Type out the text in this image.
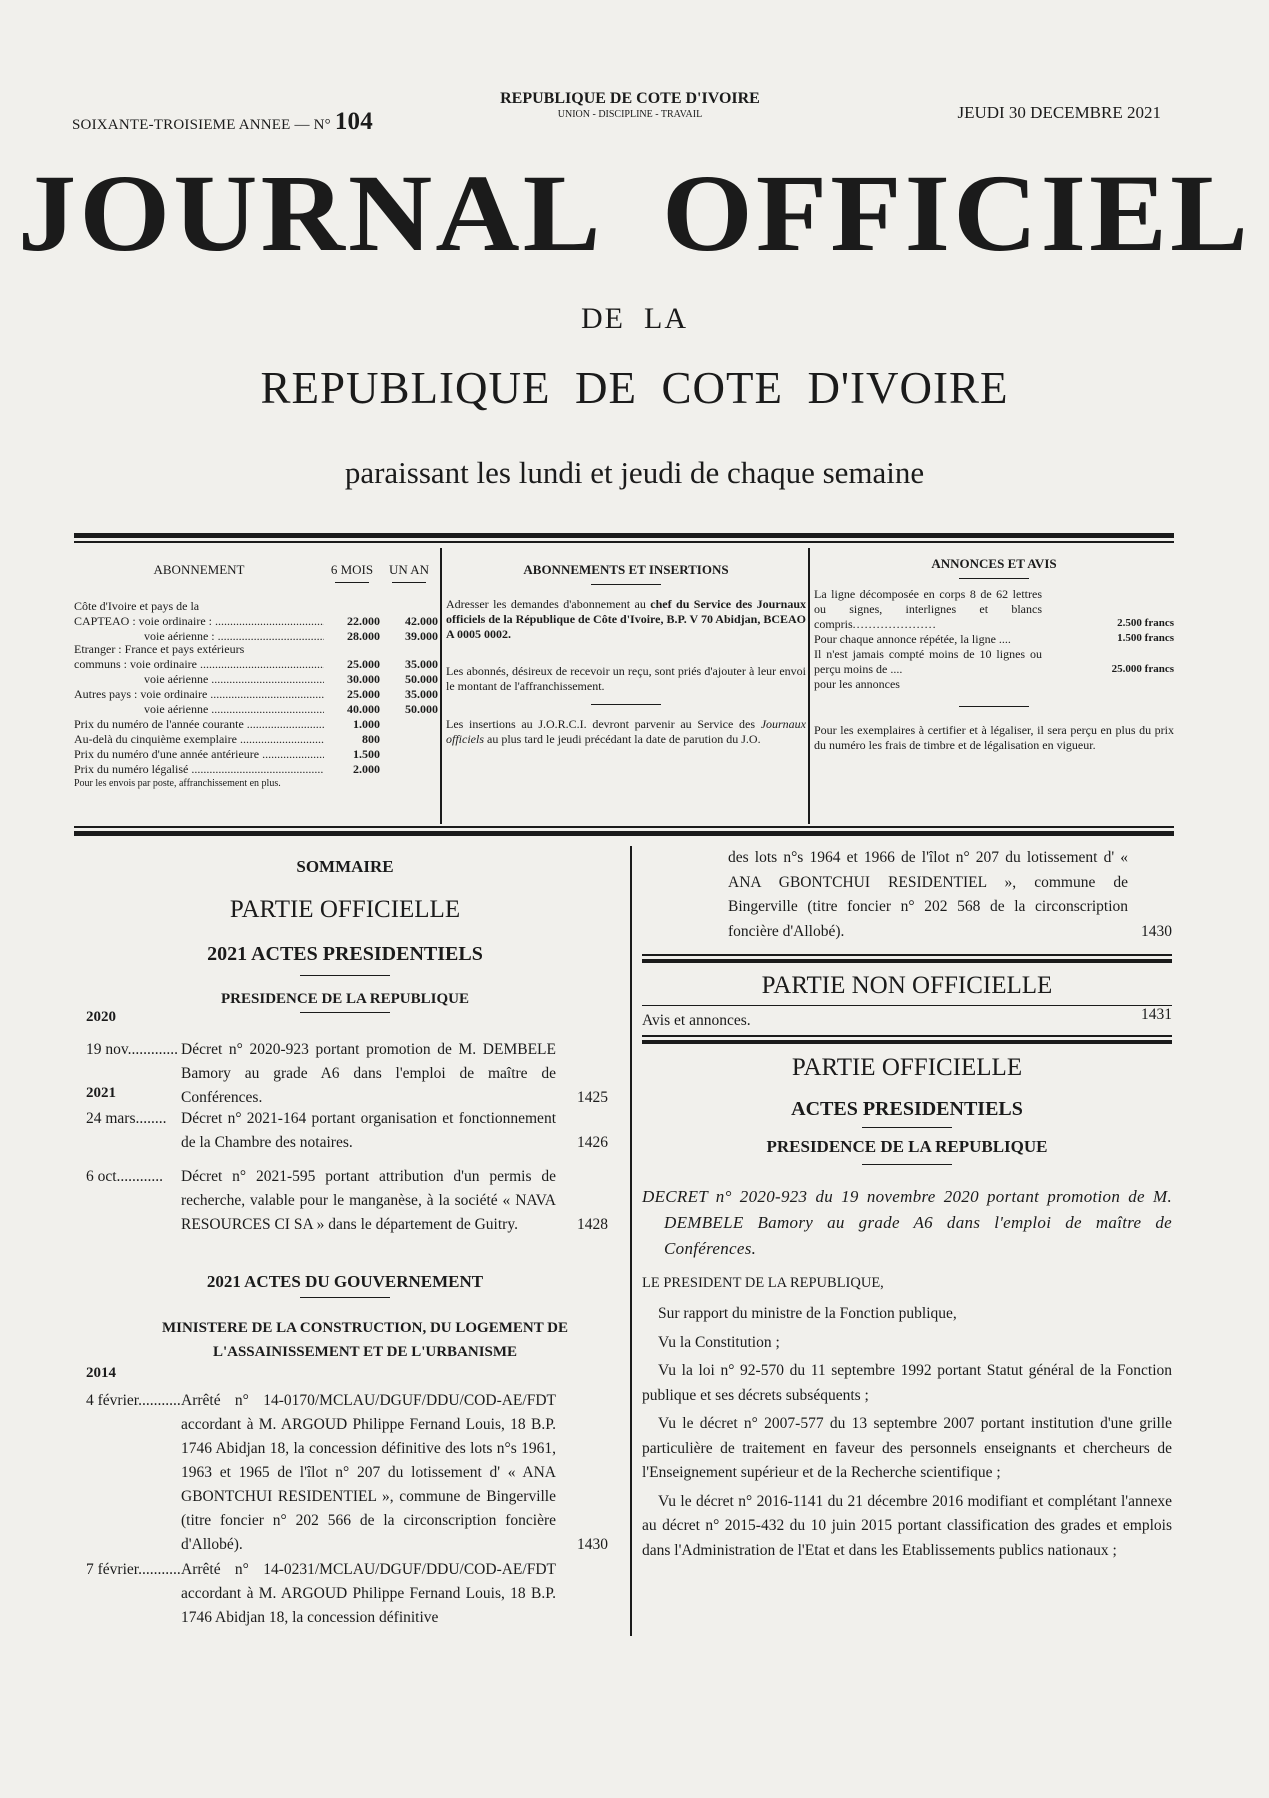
SOIXANTE-TROISIEME ANNEE — N° 104
REPUBLIQUE DE COTE D'IVOIRE
UNION - DISCIPLINE - TRAVAIL	JEUDI 30 DECEMBRE 2021
JOURNAL  OFFICIEL
DE  LA
REPUBLIQUE  DE  COTE  D'IVOIRE
paraissant les lundi et jeudi de chaque semaine
ABONNEMENT	6 MOIS	UN AN
Côte d'Ivoire et pays de la
CAPTEAO : voie ordinaire : .....	22.000	42.000
voie aérienne : .....	28.000	39.000
Etranger : France et pays extérieurs
communs : voie ordinaire .....	25.000	35.000
voie aérienne .....	30.000	50.000
Autres pays : voie ordinaire .....	25.000	35.000
voie aérienne .....	40.000	50.000
Prix du numéro de l'année courante .....	1.000
Au-delà du cinquième exemplaire .....	800
Prix du numéro d'une année antérieure .....	1.500
Prix du numéro légalisé .....	2.000
Pour les envois par poste, affranchissement en plus.
ABONNEMENTS ET INSERTIONS
Adresser les demandes d'abonnement au chef du Service des Journaux officiels de la République de Côte d'Ivoire, B.P. V 70 Abidjan, BCEAO A 0005 0002.
Les abonnés, désireux de recevoir un reçu, sont priés d'ajouter à leur envoi le montant de l'affranchissement.
Les insertions au J.O.R.C.I. devront parvenir au Service des Journaux officiels au plus tard le jeudi précédant la date de parution du J.O.
ANNONCES ET AVIS
La ligne décomposée en corps 8 de 62 lettres ou signes, interlignes et blancs compris.....................	2.500 francs
Pour chaque annonce répétée, la ligne ....	1.500 francs
Il n'est jamais compté moins de 10 lignes ou perçu moins de ....	25.000 francs
pour les annonces
Pour les exemplaires à certifier et à légaliser, il sera perçu en plus du prix du numéro les frais de timbre et de légalisation en vigueur.
SOMMAIRE
PARTIE OFFICIELLE
2021 ACTES PRESIDENTIELS
PRESIDENCE DE LA REPUBLIQUE
2020
19 nov............. Décret n° 2020-923 portant promotion de M. DEMBELE Bamory au grade A6 dans l'emploi de maître de Conférences.	1425
24 mars........ Décret n° 2021-164 portant organisation et fonctionnement de la Chambre des notaires.	1426
6 oct............ Décret n° 2021-595 portant attribution d'un permis de recherche, valable pour le manganèse, à la société « NAVA RESOURCES CI SA » dans le département de Guitry.	1428
2021
2021 ACTES DU GOUVERNEMENT
MINISTERE DE LA CONSTRUCTION, DU LOGEMENT DE L'ASSAINISSEMENT ET DE L'URBANISME
2014
4 février........... Arrêté n° 14-0170/MCLAU/DGUF/DDU/COD-AE/FDT accordant à M. ARGOUD Philippe Fernand Louis, 18 B.P. 1746 Abidjan 18, la concession définitive des lots n°s 1961, 1963 et 1965 de l'îlot n° 207 du lotissement d' « ANA GBONTCHUI RESIDENTIEL », commune de Bingerville (titre foncier n° 202 566 de la circonscription foncière d'Allobé).	1430
7 février........... Arrêté n° 14-0231/MCLAU/DGUF/DDU/COD-AE/FDT accordant à M. ARGOUD Philippe Fernand Louis, 18 B.P. 1746 Abidjan 18, la concession définitive
des lots n°s 1964 et 1966 de l'îlot n° 207 du lotissement d' « ANA GBONTCHUI RESIDENTIEL », commune de Bingerville (titre foncier n° 202 568 de la circonscription foncière d'Allobé).	1430
PARTIE NON OFFICIELLE
Avis et annonces.	1431
PARTIE OFFICIELLE
ACTES PRESIDENTIELS
PRESIDENCE DE LA REPUBLIQUE
DECRET n° 2020-923 du 19 novembre 2020 portant promotion de M. DEMBELE Bamory au grade A6 dans l'emploi de maître de Conférences.
LE PRESIDENT DE LA REPUBLIQUE,
Sur rapport du ministre de la Fonction publique,
Vu la Constitution ;
Vu la loi n° 92-570 du 11 septembre 1992 portant Statut général de la Fonction publique et ses décrets subséquents ;
Vu le décret n° 2007-577 du 13 septembre 2007 portant institution d'une grille particulière de traitement en faveur des personnels enseignants et chercheurs de l'Enseignement supérieur et de la Recherche scientifique ;
Vu le décret n° 2016-1141 du 21 décembre 2016 modifiant et complétant l'annexe au décret n° 2015-432 du 10 juin 2015 portant classification des grades et emplois dans l'Administration de l'Etat et dans les Etablissements publics nationaux ;
